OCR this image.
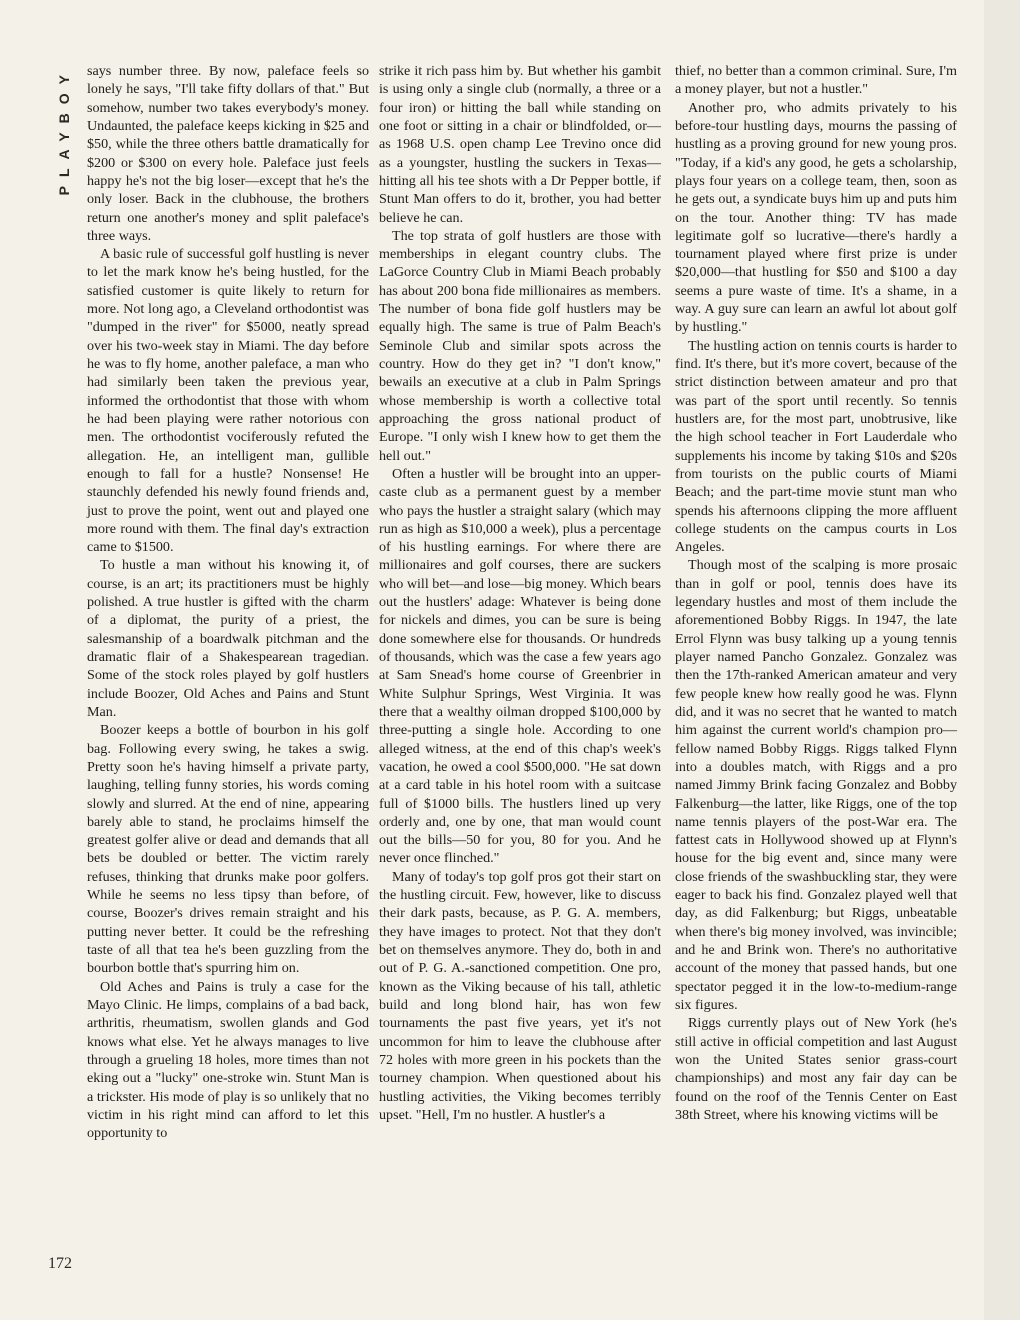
PLAYBOY says number three. By now, paleface feels so lonely he says, "I'll take fifty dollars of that." But somehow, number two takes everybody's money. Undaunted, the paleface keeps kicking in $25 and $50, while the three others battle dramatically for $200 or $300 on every hole. Paleface just feels happy he's not the big loser—except that he's the only loser. Back in the clubhouse, the brothers return one another's money and split paleface's three ways.

A basic rule of successful golf hustling is never to let the mark know he's being hustled, for the satisfied customer is quite likely to return for more. Not long ago, a Cleveland orthodontist was "dumped in the river" for $5000, neatly spread over his two-week stay in Miami. The day before he was to fly home, another paleface, a man who had similarly been taken the previous year, informed the orthodontist that those with whom he had been playing were rather notorious con men. The orthodontist vociferously refuted the allegation. He, an intelligent man, gullible enough to fall for a hustle? Nonsense! He staunchly defended his newly found friends and, just to prove the point, went out and played one more round with them. The final day's extraction came to $1500.

To hustle a man without his knowing it, of course, is an art; its practitioners must be highly polished. A true hustler is gifted with the charm of a diplomat, the purity of a priest, the salesmanship of a boardwalk pitchman and the dramatic flair of a Shakespearean tragedian. Some of the stock roles played by golf hustlers include Boozer, Old Aches and Pains and Stunt Man.

Boozer keeps a bottle of bourbon in his golf bag. Following every swing, he takes a swig. Pretty soon he's having himself a private party, laughing, telling funny stories, his words coming slowly and slurred. At the end of nine, appearing barely able to stand, he proclaims himself the greatest golfer alive or dead and demands that all bets be doubled or better. The victim rarely refuses, thinking that drunks make poor golfers. While he seems no less tipsy than before, of course, Boozer's drives remain straight and his putting never better. It could be the refreshing taste of all that tea he's been guzzling from the bourbon bottle that's spurring him on.

Old Aches and Pains is truly a case for the Mayo Clinic. He limps, complains of a bad back, arthritis, rheumatism, swollen glands and God knows what else. Yet he always manages to live through a grueling 18 holes, more times than not eking out a "lucky" one-stroke win. Stunt Man is a trickster. His mode of play is so unlikely that no victim in his right mind can afford to let this opportunity to

strike it rich pass him by. But whether his gambit is using only a single club (normally, a three or a four iron) or hitting the ball while standing on one foot or sitting in a chair or blindfolded, or—as 1968 U.S. open champ Lee Trevino once did as a youngster, hustling the suckers in Texas—hitting all his tee shots with a Dr Pepper bottle, if Stunt Man offers to do it, brother, you had better believe he can.

The top strata of golf hustlers are those with memberships in elegant country clubs. The LaGorce Country Club in Miami Beach probably has about 200 bona fide millionaires as members. The number of bona fide golf hustlers may be equally high. The same is true of Palm Beach's Seminole Club and similar spots across the country. How do they get in? "I don't know," bewails an executive at a club in Palm Springs whose membership is worth a collective total approaching the gross national product of Europe. "I only wish I knew how to get them the hell out."

Often a hustler will be brought into an upper-caste club as a permanent guest by a member who pays the hustler a straight salary (which may run as high as $10,000 a week), plus a percentage of his hustling earnings. For where there are millionaires and golf courses, there are suckers who will bet—and lose—big money. Which bears out the hustlers' adage: Whatever is being done for nickels and dimes, you can be sure is being done somewhere else for thousands. Or hundreds of thousands, which was the case a few years ago at Sam Snead's home course of Greenbrier in White Sulphur Springs, West Virginia. It was there that a wealthy oilman dropped $100,000 by three-putting a single hole. According to one alleged witness, at the end of this chap's week's vacation, he owed a cool $500,000. "He sat down at a card table in his hotel room with a suitcase full of $1000 bills. The hustlers lined up very orderly and, one by one, that man would count out the bills—50 for you, 80 for you. And he never once flinched."

Many of today's top golf pros got their start on the hustling circuit. Few, however, like to discuss their dark pasts, because, as P. G. A. members, they have images to protect. Not that they don't bet on themselves anymore. They do, both in and out of P. G. A.-sanctioned competition. One pro, known as the Viking because of his tall, athletic build and long blond hair, has won few tournaments the past five years, yet it's not uncommon for him to leave the clubhouse after 72 holes with more green in his pockets than the tourney champion. When questioned about his hustling activities, the Viking becomes terribly upset. "Hell, I'm no hustler. A hustler's a

thief, no better than a common criminal. Sure, I'm a money player, but not a hustler."

Another pro, who admits privately to his before-tour hustling days, mourns the passing of hustling as a proving ground for new young pros. "Today, if a kid's any good, he gets a scholarship, plays four years on a college team, then, soon as he gets out, a syndicate buys him up and puts him on the tour. Another thing: TV has made legitimate golf so lucrative—there's hardly a tournament played where first prize is under $20,000—that hustling for $50 and $100 a day seems a pure waste of time. It's a shame, in a way. A guy sure can learn an awful lot about golf by hustling."

The hustling action on tennis courts is harder to find. It's there, but it's more covert, because of the strict distinction between amateur and pro that was part of the sport until recently. So tennis hustlers are, for the most part, unobtrusive, like the high school teacher in Fort Lauderdale who supplements his income by taking $10s and $20s from tourists on the public courts of Miami Beach; and the part-time movie stunt man who spends his afternoons clipping the more affluent college students on the campus courts in Los Angeles.

Though most of the scalping is more prosaic than in golf or pool, tennis does have its legendary hustles and most of them include the aforementioned Bobby Riggs. In 1947, the late Errol Flynn was busy talking up a young tennis player named Pancho Gonzalez. Gonzalez was then the 17th-ranked American amateur and very few people knew how really good he was. Flynn did, and it was no secret that he wanted to match him against the current world's champion pro—fellow named Bobby Riggs. Riggs talked Flynn into a doubles match, with Riggs and a pro named Jimmy Brink facing Gonzalez and Bobby Falkenburg—the latter, like Riggs, one of the top name tennis players of the post-War era. The fattest cats in Hollywood showed up at Flynn's house for the big event and, since many were close friends of the swashbuckling star, they were eager to back his find. Gonzalez played well that day, as did Falkenburg; but Riggs, unbeatable when there's big money involved, was invincible; and he and Brink won. There's no authoritative account of the money that passed hands, but one spectator pegged it in the low-to-medium-range six figures.

Riggs currently plays out of New York (he's still active in official competition and last August won the United States senior grass-court championships) and most any fair day can be found on the roof of the Tennis Center on East 38th Street, where his knowing victims will be

172
